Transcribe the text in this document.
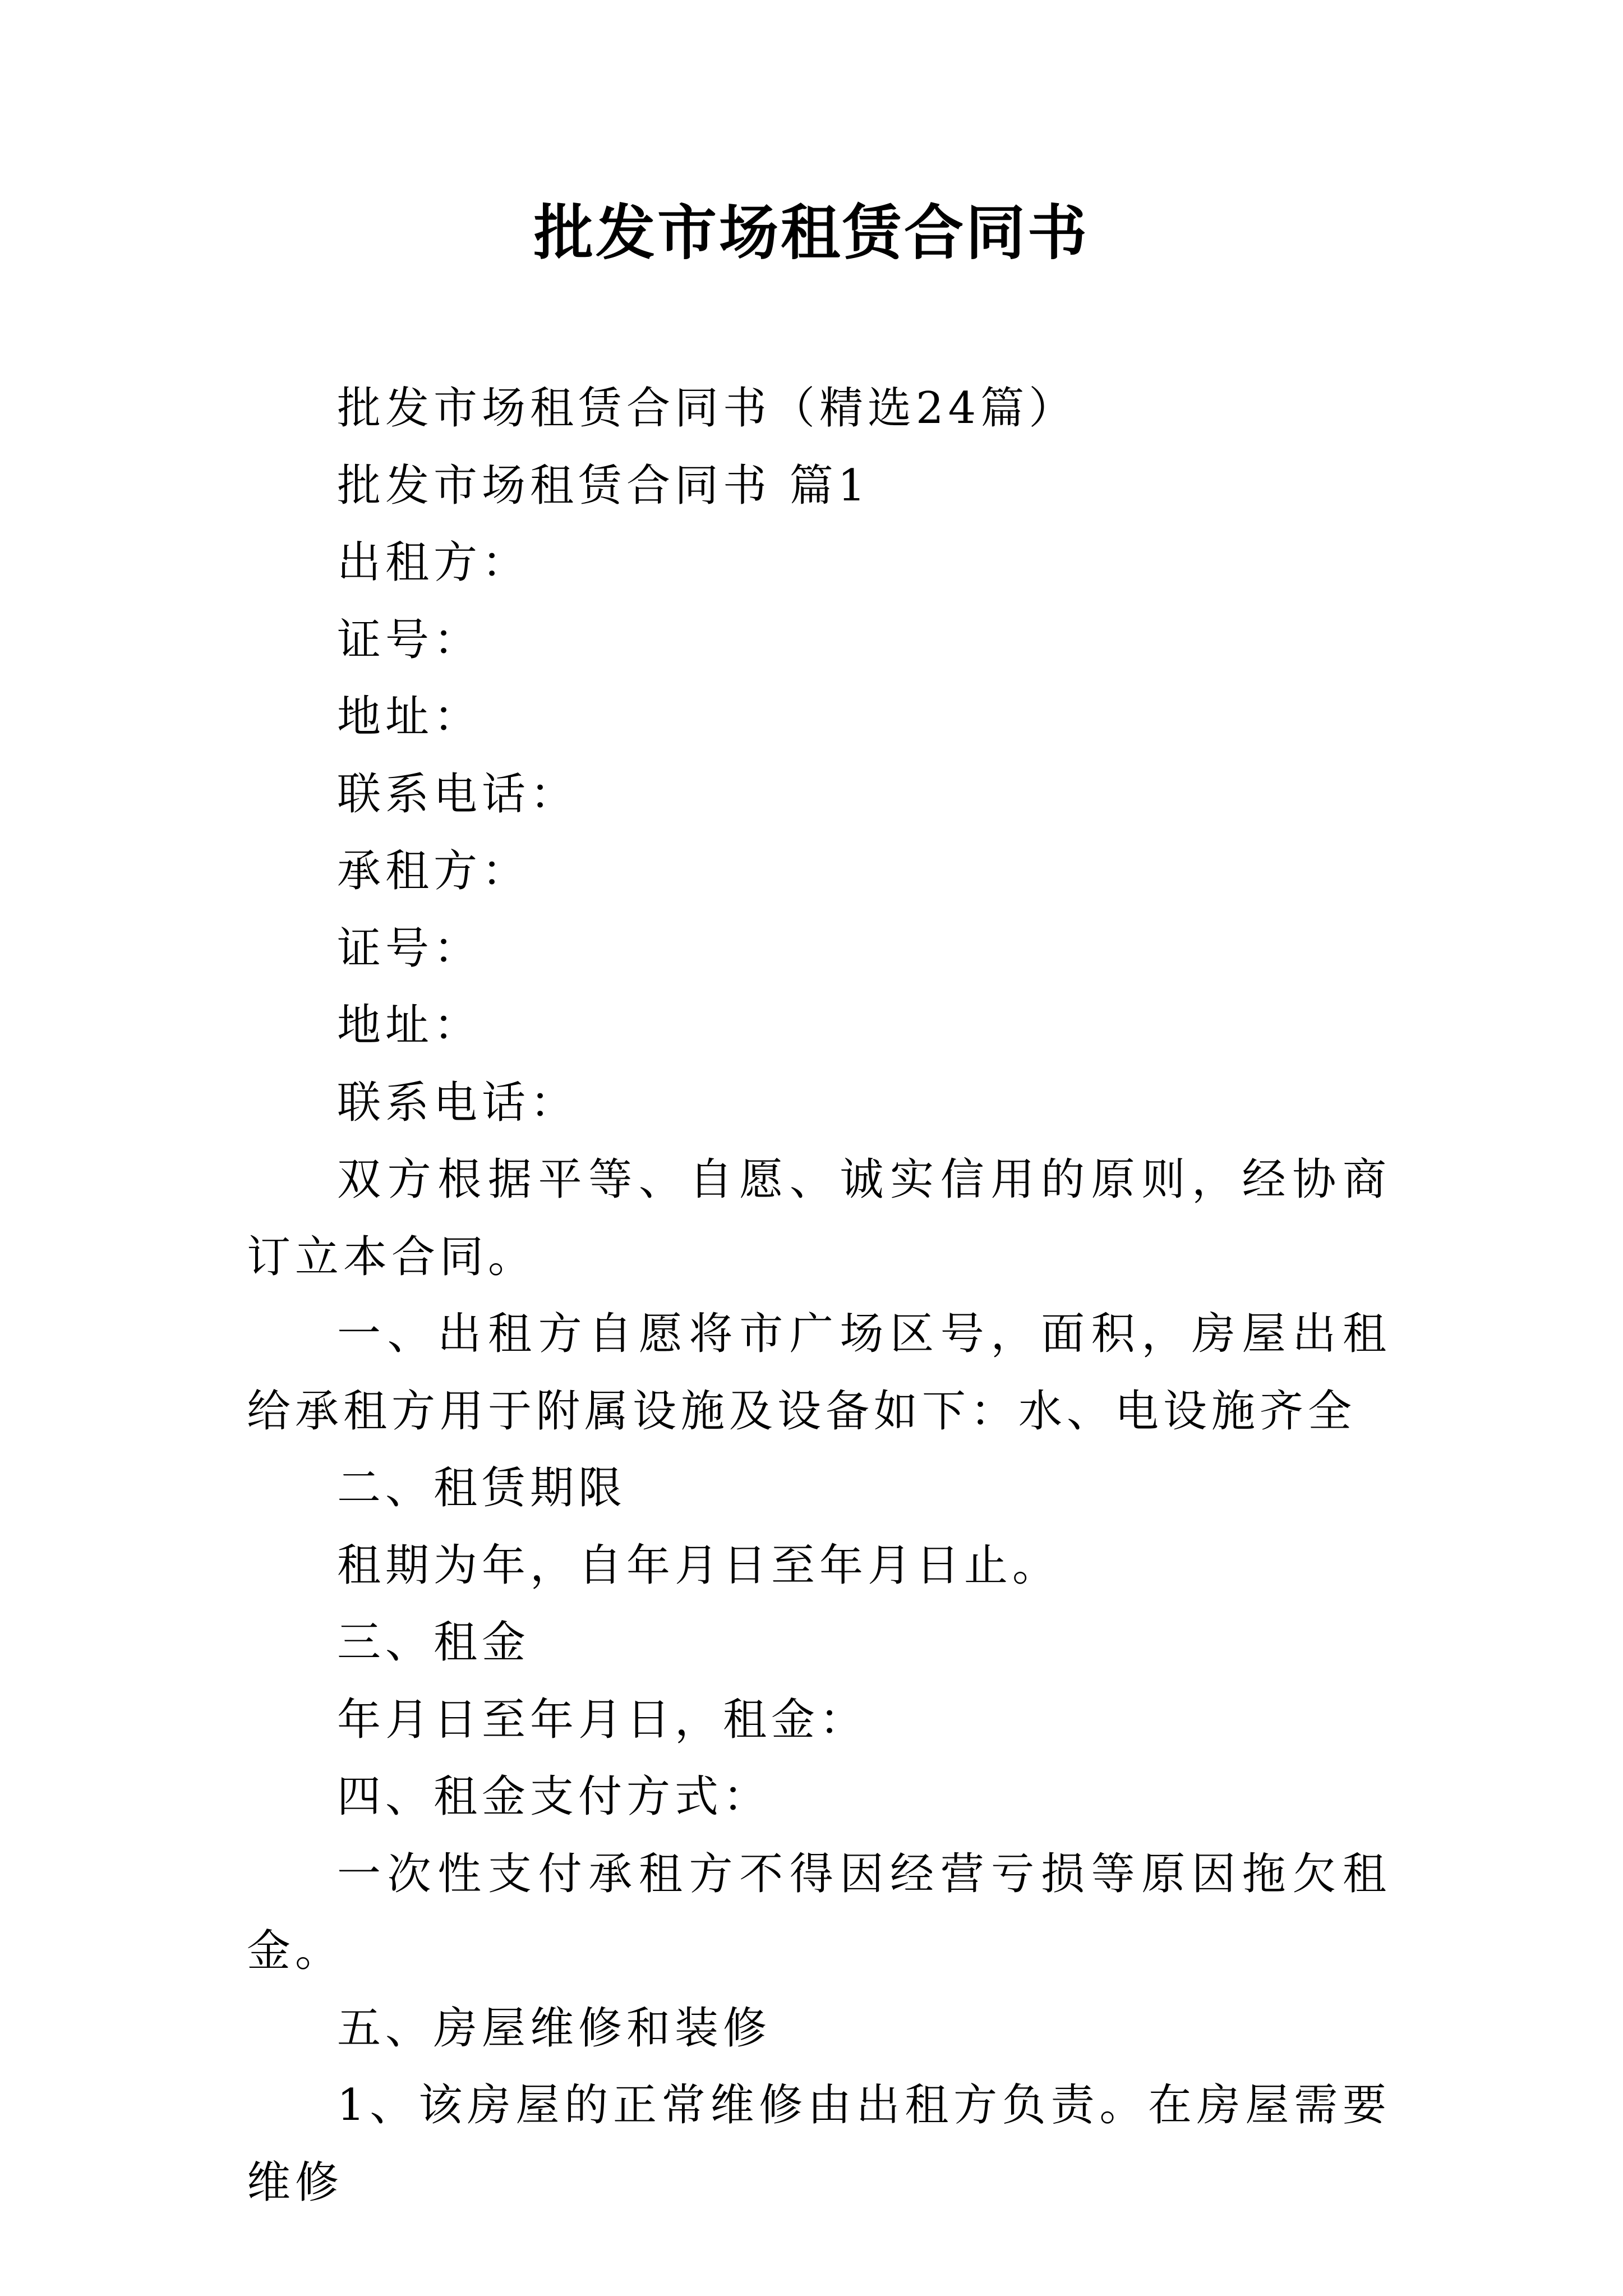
批发市场租赁合同书

批发市场租赁合同书（精选24篇）

批发市场租赁合同书 篇1

出租方：

证号：

地址：

联系电话：

承租方：

证号：

地址：

联系电话：

双方根据平等、自愿、诚实信用的原则，经协商订立本合同。

一、出租方自愿将市广场区号，面积，房屋出租给承租方用于附属设施及设备如下：水、电设施齐全

二、租赁期限

租期为年，自年月日至年月日止。

三、租金

年月日至年月日，租金：

四、租金支付方式：

一次性支付承租方不得因经营亏损等原因拖欠租金。

五、房屋维修和装修

1、该房屋的正常维修由出租方负责。在房屋需要维修
